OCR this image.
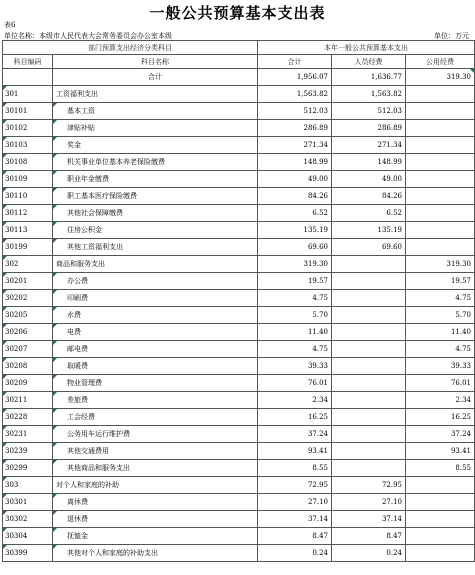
一般公共预算基本支出表
表6
单位名称：本级市人民代表大会常务委员会办公室本级	单位：万元
部门预算支出经济分类科目		本年一般公共预算基本支出		
科目编码	科目名称	合计	人员经费	公用经费
	合计	1,956.07	1,636.77	319.30
301	工资福利支出	1,563.82	1,563.82	
30101	基本工资	512.03	512.03	
30102	津贴补贴	286.89	286.89	
30103	奖金	271.34	271.34	
30108	机关事业单位基本养老保险缴费	148.99	148.99	
30109	职业年金缴费	49.00	49.00	
30110	职工基本医疗保险缴费	84.26	84.26	
30112	其他社会保障缴费	6.52	6.52	
30113	住房公积金	135.19	135.19	
30199	其他工资福利支出	69.60	69.60	
302	商品和服务支出	319.30		319.30
30201	办公费	19.57		19.57
30202	印刷费	4.75		4.75
30205	水费	5.70		5.70
30206	电费	11.40		11.40
30207	邮电费	4.75		4.75
30208	取暖费	39.33		39.33
30209	物业管理费	76.01		76.01
30211	差旅费	2.34		2.34
30228	工会经费	16.25		16.25
30231	公务用车运行维护费	37.24		37.24
30239	其他交通费用	93.41		93.41
30299	其他商品和服务支出	8.55		8.55
303	对个人和家庭的补助	72.95	72.95	
30301	离休费	27.10	27.10	
30302	退休费	37.14	37.14	
30304	抚恤金	8.47	8.47	
30399	其他对个人和家庭的补助支出	0.24	0.24	
